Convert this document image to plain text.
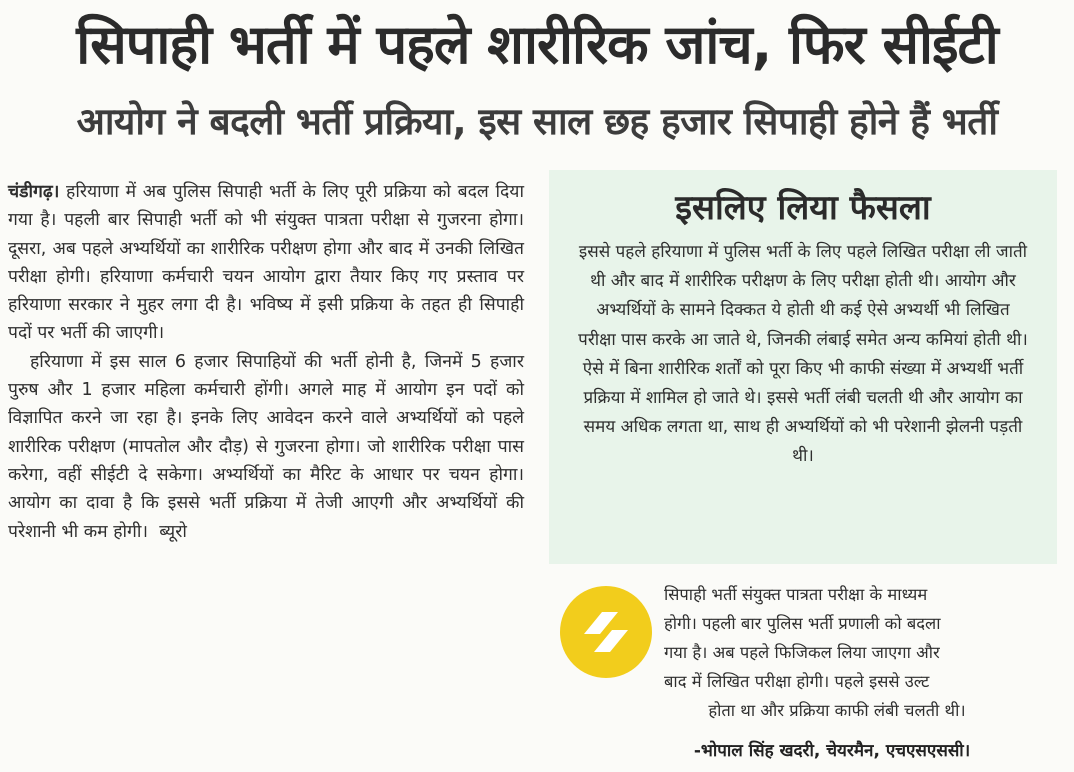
सिपाही भर्ती में पहले शारीरिक जांच, फिर सीईटी
आयोग ने बदली भर्ती प्रक्रिया, इस साल छह हजार सिपाही होने हैं भर्ती

चंडीगढ़। हरियाणा में अब पुलिस सिपाही भर्ती के लिए पूरी प्रक्रिया को बदल दिया गया है। पहली बार सिपाही भर्ती को भी संयुक्त पात्रता परीक्षा से गुजरना होगा। दूसरा, अब पहले अभ्यर्थियों का शारीरिक परीक्षण होगा और बाद में उनकी लिखित परीक्षा होगी। हरियाणा कर्मचारी चयन आयोग द्वारा तैयार किए गए प्रस्ताव पर हरियाणा सरकार ने मुहर लगा दी है। भविष्य में इसी प्रक्रिया के तहत ही सिपाही पदों पर भर्ती की जाएगी।

हरियाणा में इस साल 6 हजार सिपाहियों की भर्ती होनी है, जिनमें 5 हजार पुरुष और 1 हजार महिला कर्मचारी होंगी। अगले माह में आयोग इन पदों को विज्ञापित करने जा रहा है। इनके लिए आवेदन करने वाले अभ्यर्थियों को पहले शारीरिक परीक्षण (मापतोल और दौड़) से गुजरना होगा। जो शारीरिक परीक्षा पास करेगा, वहीं सीईटी दे सकेगा। अभ्यर्थियों का मैरिट के आधार पर चयन होगा। आयोग का दावा है कि इससे भर्ती प्रक्रिया में तेजी आएगी और अभ्यर्थियों की परेशानी भी कम होगी। ब्यूरो

इसलिए लिया फैसला

इससे पहले हरियाणा में पुलिस भर्ती के लिए पहले लिखित परीक्षा ली जाती थी और बाद में शारीरिक परीक्षण के लिए परीक्षा होती थी। आयोग और अभ्यर्थियों के सामने दिक्कत ये होती थी कई ऐसे अभ्यर्थी भी लिखित परीक्षा पास करके आ जाते थे, जिनकी लंबाई समेत अन्य कमियां होती थी। ऐसे में बिना शारीरिक शर्तों को पूरा किए भी काफी संख्या में अभ्यर्थी भर्ती प्रक्रिया में शामिल हो जाते थे। इससे भर्ती लंबी चलती थी और आयोग का समय अधिक लगता था, साथ ही अभ्यर्थियों को भी परेशानी झेलनी पड़ती थी।

सिपाही भर्ती संयुक्त पात्रता परीक्षा के माध्यम
होगी। पहली बार पुलिस भर्ती प्रणाली को बदला
गया है। अब पहले फिजिकल लिया जाएगा और
बाद में लिखित परीक्षा होगी। पहले इससे उल्ट
होता था और प्रक्रिया काफी लंबी चलती थी।
-भोपाल सिंह खदरी, चेयरमैन, एचएसएससी।
